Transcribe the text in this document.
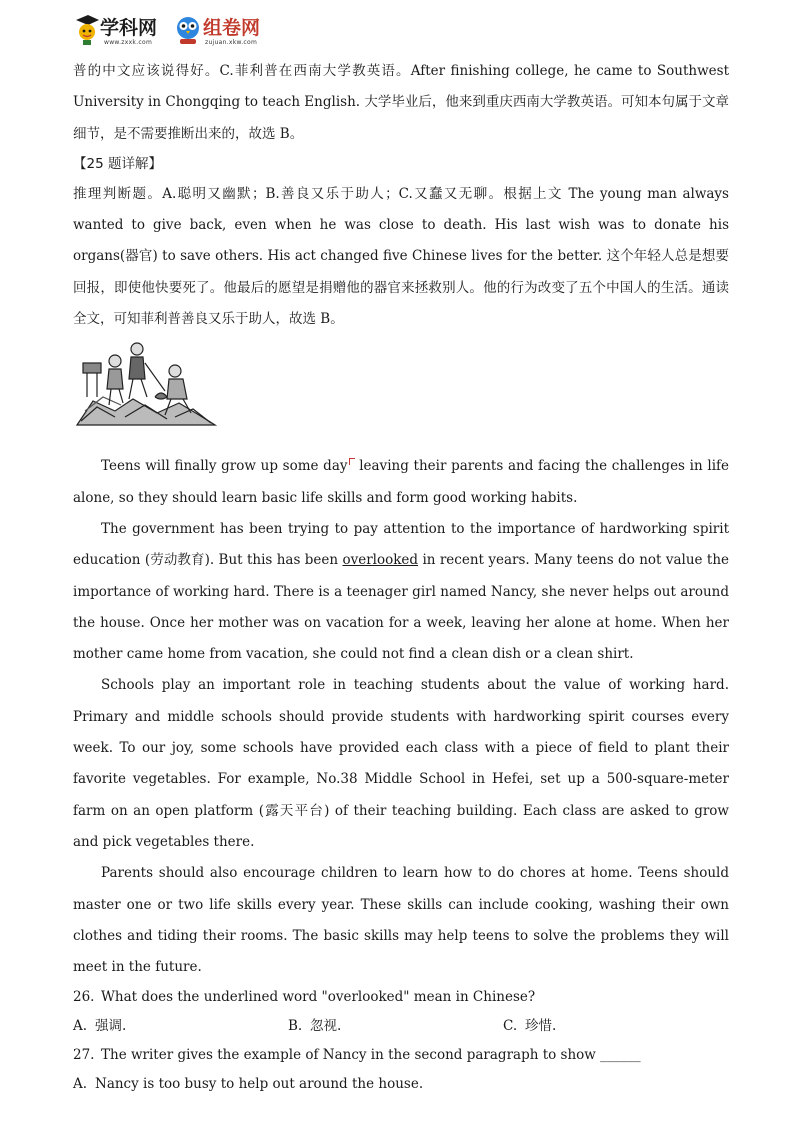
学科网
www.zxxk.com
组卷网
zujuan.xkw.com

普的中文应该说得好。C.菲利普在西南大学教英语。After finishing college, he came to Southwest University in Chongqing to teach English. 大学毕业后，他来到重庆西南大学教英语。可知本句属于文章细节，是不需要推断出来的，故选 B。

【25 题详解】

推理判断题。A.聪明又幽默；B.善良又乐于助人；C.又蠢又无聊。根据上文 The young man always wanted to give back, even when he was close to death. His last wish was to donate his organs(器官) to save others. His act changed five Chinese lives for the better. 这个年轻人总是想要回报，即使他快要死了。他最后的愿望是捐赠他的器官来拯救别人。他的行为改变了五个中国人的生活。通读全文，可知菲利普善良又乐于助人，故选 B。

Teens will finally grow up some day leaving their parents and facing the challenges in life alone, so they should learn basic life skills and form good working habits.

The government has been trying to pay attention to the importance of hardworking spirit education (劳动教育). But this has been overlooked in recent years. Many teens do not value the importance of working hard. There is a teenager girl named Nancy, she never helps out around the house. Once her mother was on vacation for a week, leaving her alone at home. When her mother came home from vacation, she could not find a clean dish or a clean shirt.

Schools play an important role in teaching students about the value of working hard. Primary and middle schools should provide students with hardworking spirit courses every week. To our joy, some schools have provided each class with a piece of field to plant their favorite vegetables. For example, No.38 Middle School in Hefei, set up a 500-square-meter farm on an open platform (露天平台) of their teaching building. Each class are asked to grow and pick vegetables there.

Parents should also encourage children to learn how to do chores at home. Teens should master one or two life skills every year. These skills can include cooking, washing their own clothes and tiding their rooms. The basic skills may help teens to solve the problems they will meet in the future.

26. What does the underlined word "overlooked" mean in Chinese?

A. 强调.	B. 忽视.	C. 珍惜.

27. The writer gives the example of Nancy in the second paragraph to show ______

A. Nancy is too busy to help out around the house.
